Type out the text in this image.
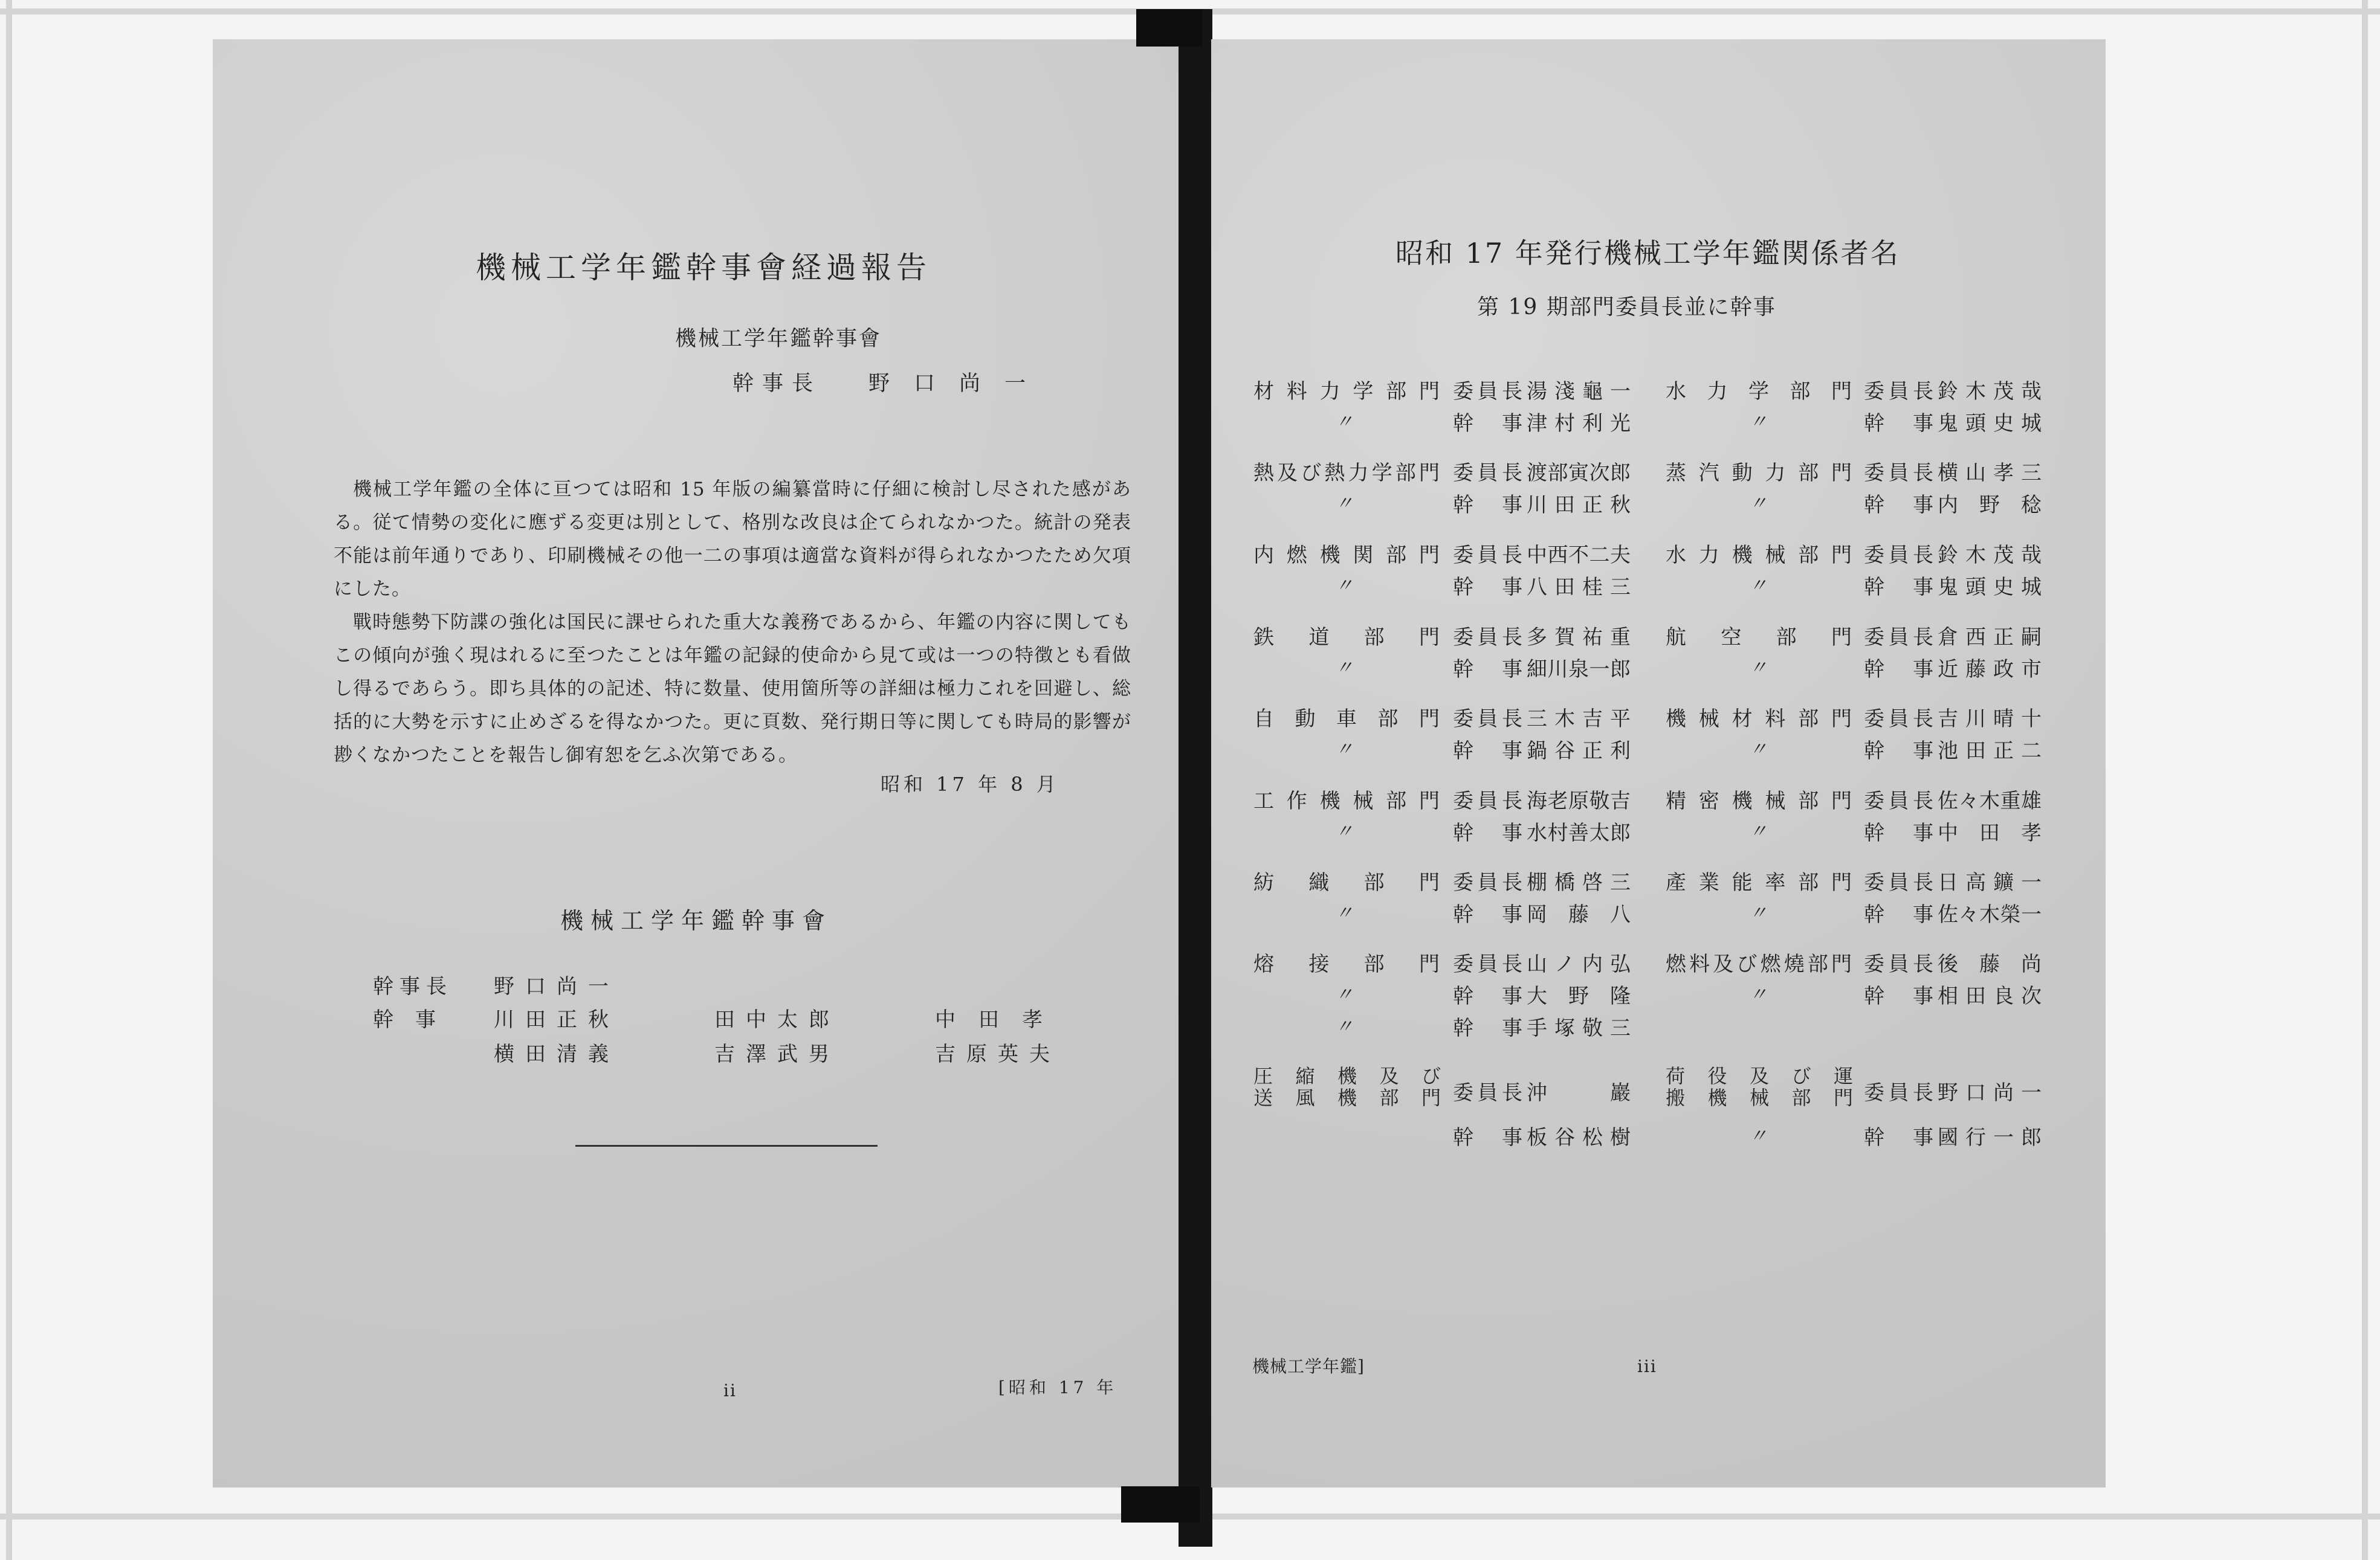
機械工学年鑑幹事會経過報告
機械工学年鑑幹事會
幹事長 野口尚一

機械工学年鑑の全体に亘つては昭和 15 年版の編纂當時に仔細に検討し尽された感がある。従て情勢の変化に應ずる変更は別として、格別な改良は企てられなかつた。統計の発表不能は前年通りであり、印刷機械その他一二の事項は適當な資料が得られなかつたため欠項にした。

戰時態勢下防諜の強化は国民に課せられた重大な義務であるから、年鑑の内容に関してもこの傾向が強く現はれるに至つたことは年鑑の記録的使命から見て或は一つの特徴とも看做し得るであらう。即ち具体的の記述、特に数量、使用箇所等の詳細は極力これを回避し、総括的に大勢を示すに止めざるを得なかつた。更に頁数、発行期日等に関しても時局的影響が尠くなかつたことを報告し御宥恕を乞ふ次第である。

昭和 17 年 8 月
機械工学年鑑幹事會
幹事長 野口尚一
幹事 川田正秋	田中太郎	中田孝
横田清義	吉澤武男	吉原英夫
ii	[昭和 17 年
昭和 17 年発行機械工学年鑑関係者名
第 19 期部門委員長並に幹事
材料力学部門 委員長 湯淺龜一
〃	幹事 津村利光
熱及び熱力学部門 委員長 渡部寅次郎
〃	幹事 川田正秋
内燃機関部門 委員長 中西不二夫
〃	幹事 八田桂三
鉄道部門 委員長 多賀祐重
〃	幹事 細川泉一郎
自動車部門 委員長 三木吉平
〃	幹事 鍋谷正利
工作機械部門 委員長 海老原敬吉
〃	幹事 水村善太郎
紡織部門 委員長 棚橋啓三
〃	幹事 岡藤八
熔接部門 委員長 山ノ内弘
〃	幹事 大野隆
〃	幹事 手塚敬三
圧縮機及び
送風機部門 委員長 沖巖
幹事 板谷松樹
水力学部門 委員長 鈴木茂哉
〃	幹事 鬼頭史城
蒸汽動力部門 委員長 横山孝三
〃	幹事 内野稔
水力機械部門 委員長 鈴木茂哉
〃	幹事 鬼頭史城
航空部門 委員長 倉西正嗣
〃	幹事 近藤政市
機械材料部門 委員長 吉川晴十
〃	幹事 池田正二
精密機械部門 委員長 佐々木重雄
〃	幹事 中田孝
產業能率部門 委員長 日高鑛一
〃	幹事 佐々木榮一
燃料及び燃燒部門 委員長 後藤尚
〃	幹事 相田良次
荷役及び運
搬機械部門 委員長 野口尚一
〃	幹事 國行一郎
機械工学年鑑]	iii
